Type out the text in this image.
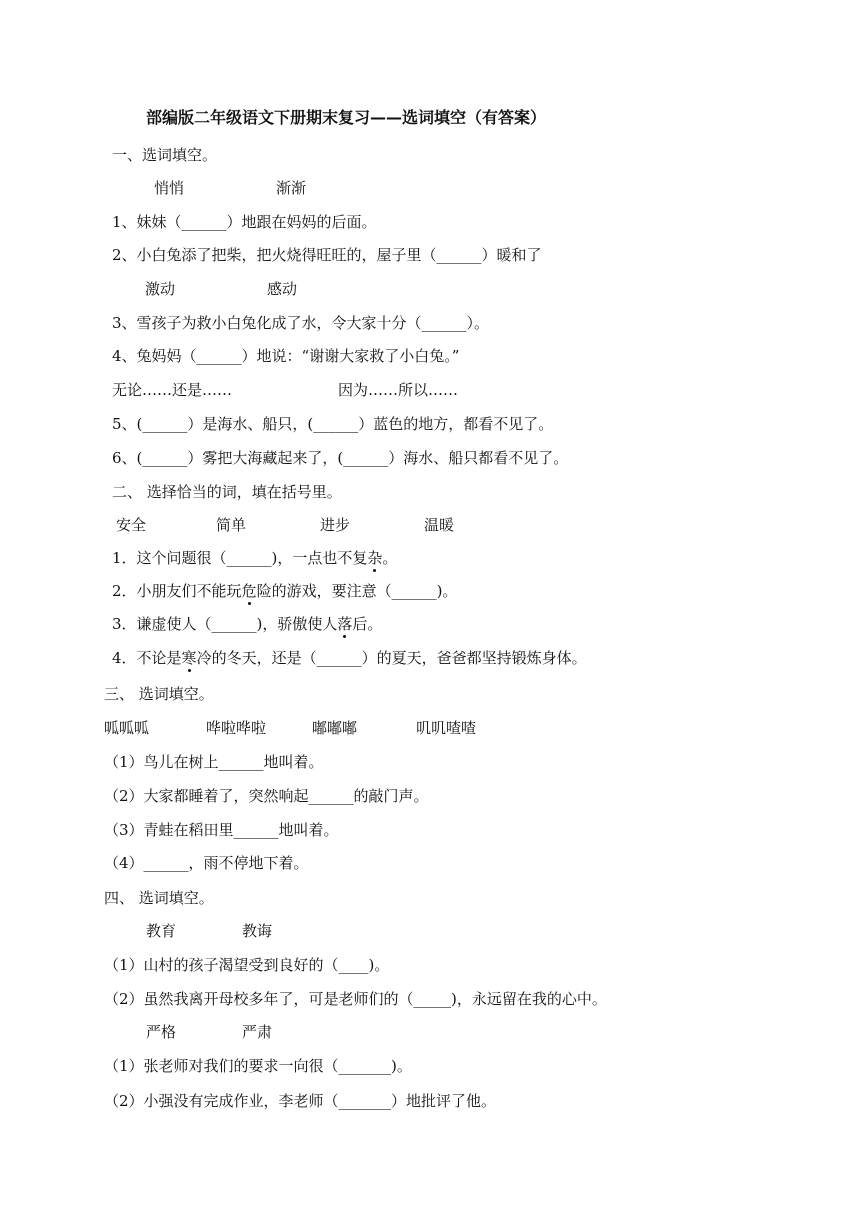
部编版二年级语文下册期末复习——选词填空（有答案）
一、选词填空。
悄悄	渐渐
1、妹妹（______）地跟在妈妈的后面。
2、小白兔添了把柴，把火烧得旺旺的，屋子里（______）暖和了
激动	感动
3、雪孩子为救小白兔化成了水，令大家十分（______）。
4、兔妈妈（______）地说：“谢谢大家救了小白兔。”
无论……还是……	因为……所以……
5、(______）是海水、船只，(______）蓝色的地方，都看不见了。
6、(______）雾把大海藏起来了，(______）海水、船只都看不见了。
二、 选择恰当的词，填在括号里。
安全	简单	进步	温暖
1．这个问题很（______)，一点也不复杂。
2．小朋友们不能玩危险的游戏，要注意（______)。
3．谦虚使人（______)，骄傲使人落后。
4．不论是寒冷的冬天，还是（______）的夏天，爸爸都坚持锻炼身体。
三、 选词填空。
呱呱呱	哗啦哗啦	嘟嘟嘟	叽叽喳喳
（1）鸟儿在树上______地叫着。
（2）大家都睡着了，突然响起______的敲门声。
（3）青蛙在稻田里______地叫着。
（4）______，雨不停地下着。
四、 选词填空。
教育	教诲
（1）山村的孩子渴望受到良好的（____)。
（2）虽然我离开母校多年了，可是老师们的（_____)，永远留在我的心中。
严格	严肃
（1）张老师对我们的要求一向很（_______)。
（2）小强没有完成作业，李老师（_______）地批评了他。
